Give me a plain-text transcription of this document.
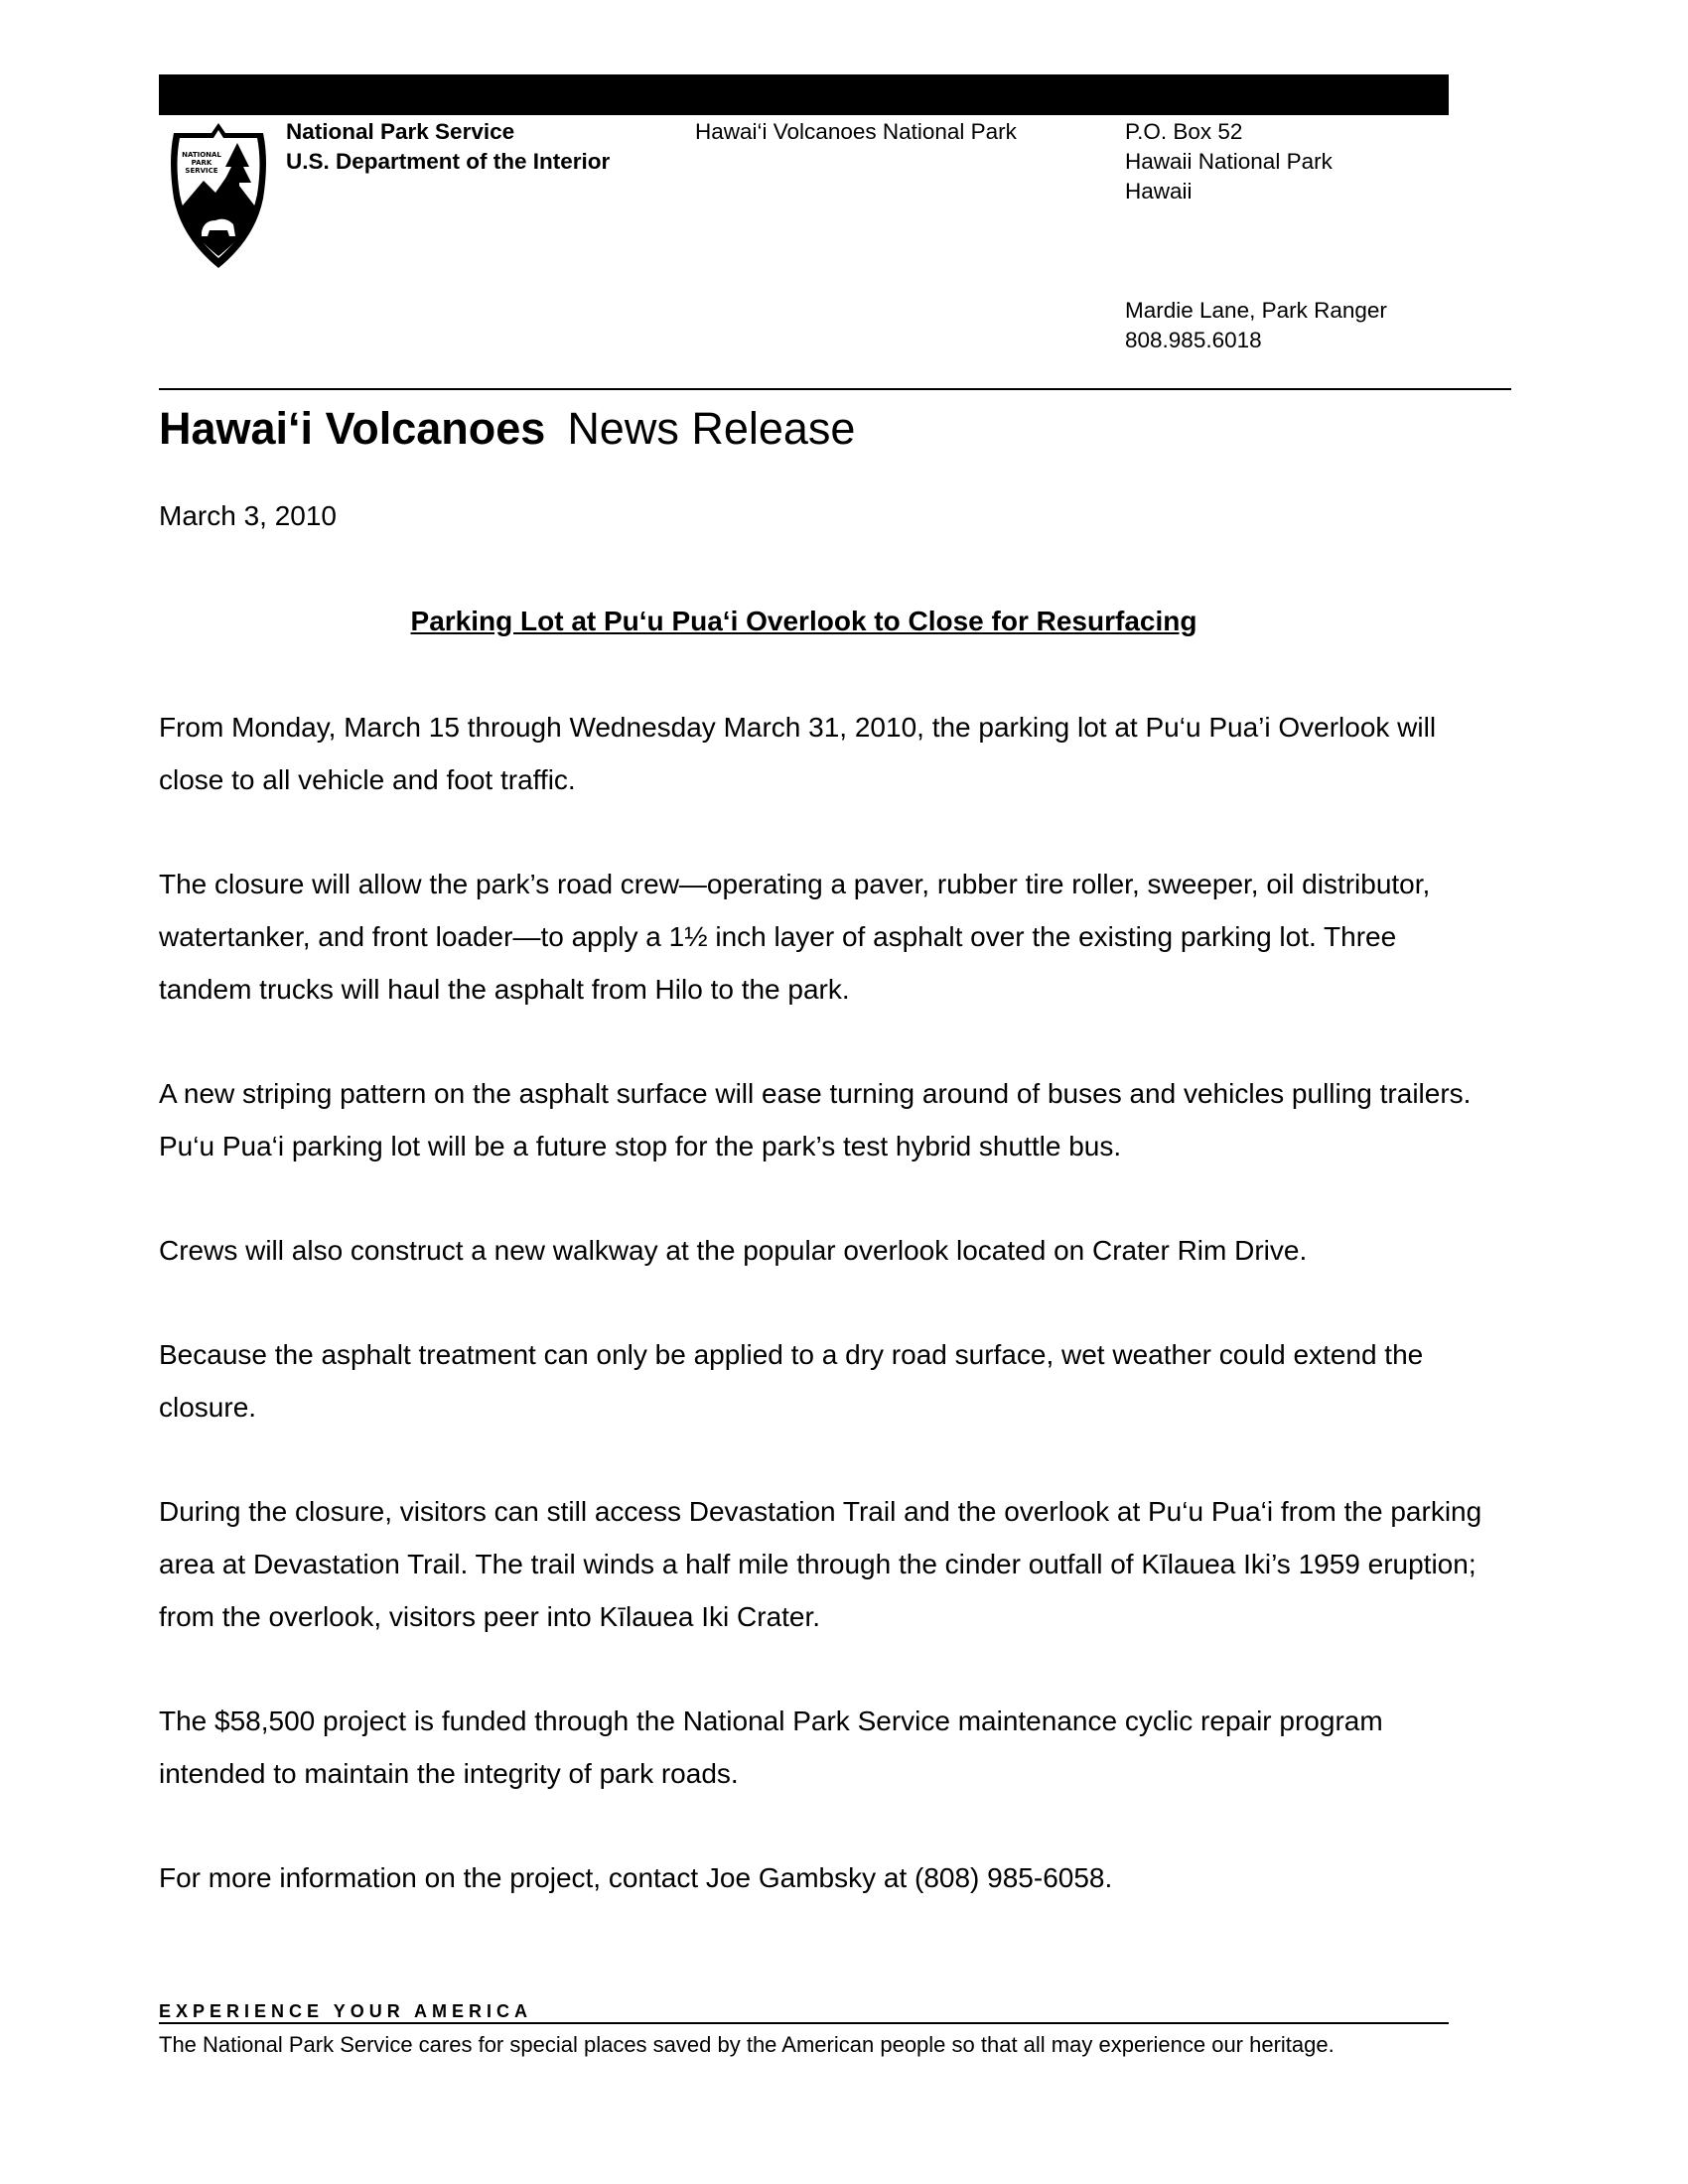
NATIONAL
PARK
SERVICE
National Park Service
U.S. Department of the Interior
Hawai‘i Volcanoes National Park	P.O. Box 52
Hawaii National Park
Hawaii
Mardie Lane, Park Ranger
808.985.6018
Hawai‘i Volcanoes News Release
March 3, 2010
Parking Lot at Pu‘u Pua‘i Overlook to Close for Resurfacing

From Monday, March 15 through Wednesday March 31, 2010, the parking lot at Pu‘u Pua’i Overlook will close to all vehicle and foot traffic.

The closure will allow the park’s road crew—operating a paver, rubber tire roller, sweeper, oil distributor, watertanker, and front loader—to apply a 1½ inch layer of asphalt over the existing parking lot. Three tandem trucks will haul the asphalt from Hilo to the park.

A new striping pattern on the asphalt surface will ease turning around of buses and vehicles pulling trailers. Pu‘u Pua‘i parking lot will be a future stop for the park’s test hybrid shuttle bus.

Crews will also construct a new walkway at the popular overlook located on Crater Rim Drive.

Because the asphalt treatment can only be applied to a dry road surface, wet weather could extend the closure.

During the closure, visitors can still access Devastation Trail and the overlook at Pu‘u Pua‘i from the parking area at Devastation Trail. The trail winds a half mile through the cinder outfall of Kīlauea Iki’s 1959 eruption; from the overlook, visitors peer into Kīlauea Iki Crater.

The $58,500 project is funded through the National Park Service maintenance cyclic repair program intended to maintain the integrity of park roads.

For more information on the project, contact Joe Gambsky at (808) 985-6058.

EXPERIENCE YOUR AMERICA
The National Park Service cares for special places saved by the American people so that all may experience our heritage.
